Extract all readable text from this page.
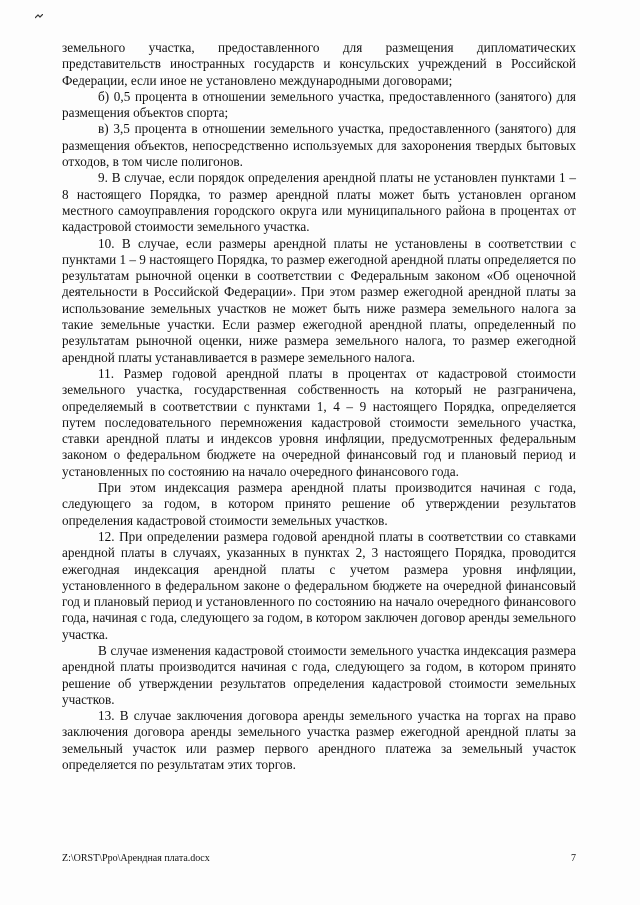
земельного участка, предоставленного для размещения дипломатических представительств иностранных государств и консульских учреждений в Российской Федерации, если иное не установлено международными договорами;

б) 0,5 процента в отношении земельного участка, предоставленного (занятого) для размещения объектов спорта;

в) 3,5 процента в отношении земельного участка, предоставленного (занятого) для размещения объектов, непосредственно используемых для захоронения твердых бытовых отходов, в том числе полигонов.

9. В случае, если порядок определения арендной платы не установлен пунктами 1 – 8 настоящего Порядка, то размер арендной платы может быть установлен органом местного самоуправления городского округа или муниципального района в процентах от кадастровой стоимости земельного участка.

10. В случае, если размеры арендной платы не установлены в соответствии с пунктами 1 – 9 настоящего Порядка, то размер ежегодной арендной платы определяется по результатам рыночной оценки в соответствии с Федеральным законом «Об оценочной деятельности в Российской Федерации». При этом размер ежегодной арендной платы за использование земельных участков не может быть ниже размера земельного налога за такие земельные участки. Если размер ежегодной арендной платы, определенный по результатам рыночной оценки, ниже размера земельного налога, то размер ежегодной арендной платы устанавливается в размере земельного налога.

11. Размер годовой арендной платы в процентах от кадастровой стоимости земельного участка, государственная собственность на который не разграничена, определяемый в соответствии с пунктами 1, 4 – 9 настоящего Порядка, определяется путем последовательного перемножения кадастровой стоимости земельного участка, ставки арендной платы и индексов уровня инфляции, предусмотренных федеральным законом о федеральном бюджете на очередной финансовый год и плановый период и установленных по состоянию на начало очередного финансового года.

При этом индексация размера арендной платы производится начиная с года, следующего за годом, в котором принято решение об утверждении результатов определения кадастровой стоимости земельных участков.

12. При определении размера годовой арендной платы в соответствии со ставками арендной платы в случаях, указанных в пунктах 2, 3 настоящего Порядка, проводится ежегодная индексация арендной платы с учетом размера уровня инфляции, установленного в федеральном законе о федеральном бюджете на очередной финансовый год и плановый период и установленного по состоянию на начало очередного финансового года, начиная с года, следующего за годом, в котором заключен договор аренды земельного участка.

В случае изменения кадастровой стоимости земельного участка индексация размера арендной платы производится начиная с года, следующего за годом, в котором принято решение об утверждении результатов определения кадастровой стоимости земельных участков.

13. В случае заключения договора аренды земельного участка на торгах на право заключения договора аренды земельного участка размер ежегодной арендной платы за земельный участок или размер первого арендного платежа за земельный участок определяется по результатам этих торгов.

Z:\ORST\Ppo\Арендная плата.docx	7
